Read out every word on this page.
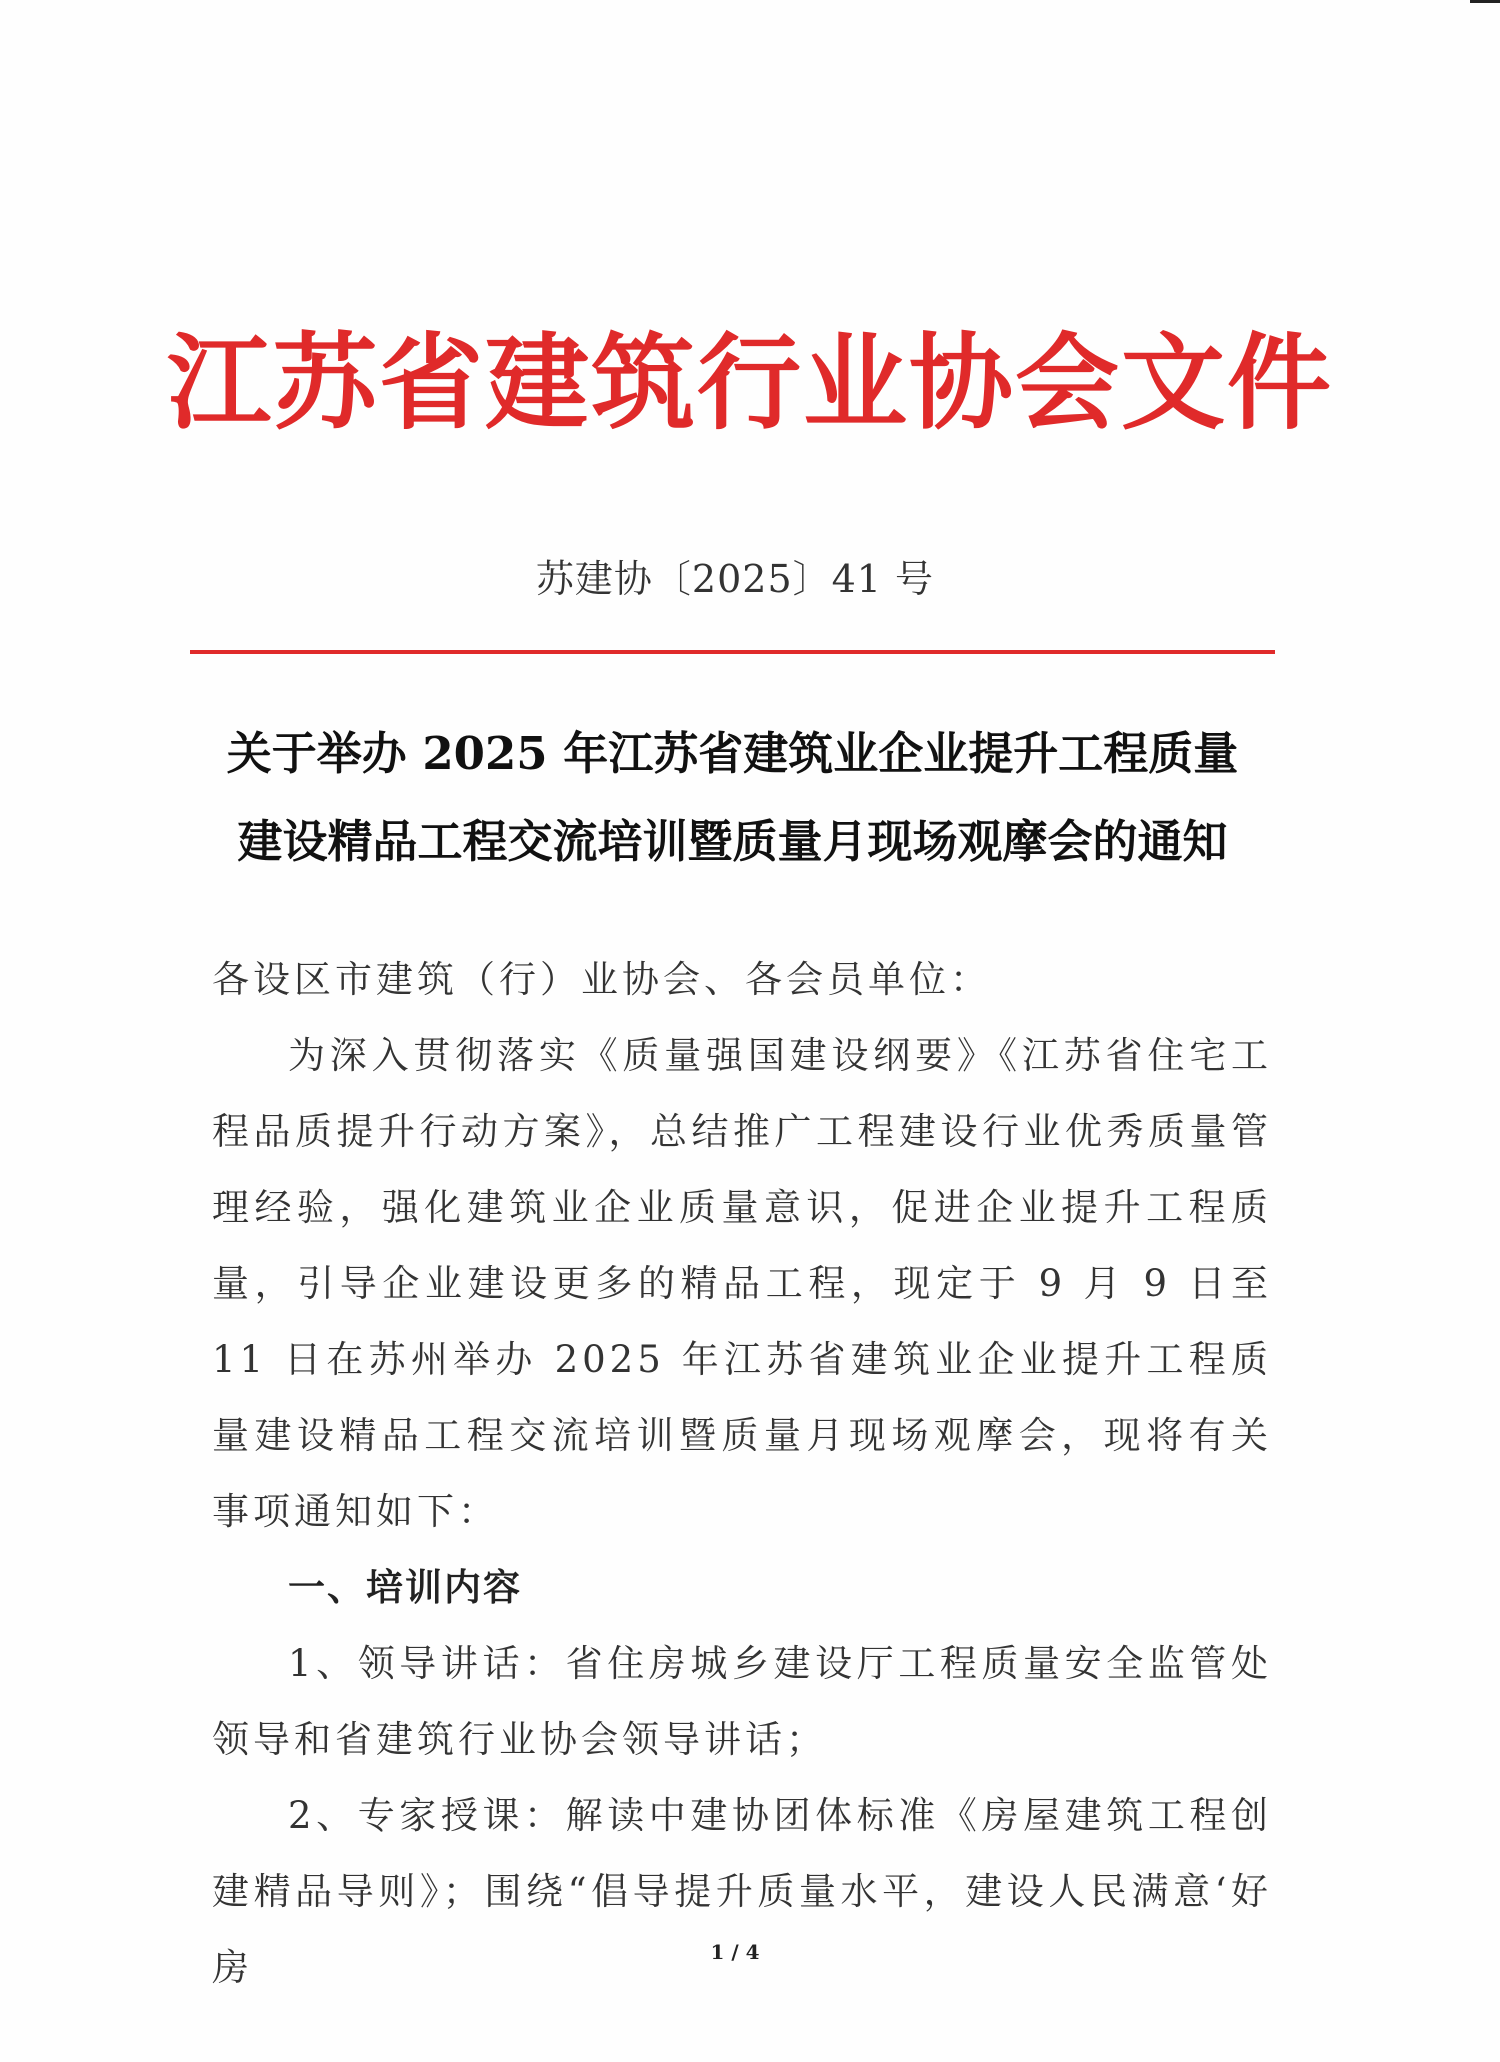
江苏省建筑行业协会文件
苏建协〔2025〕41 号
关于举办 2025 年江苏省建筑业企业提升工程质量
建设精品工程交流培训暨质量月现场观摩会的通知

各设区市建筑（行）业协会、各会员单位：

为深入贯彻落实《质量强国建设纲要》《江苏省住宅工程品质提升行动方案》，总结推广工程建设行业优秀质量管理经验，强化建筑业企业质量意识，促进企业提升工程质量，引导企业建设更多的精品工程，现定于 9 月 9 日至 11 日在苏州举办 2025 年江苏省建筑业企业提升工程质量建设精品工程交流培训暨质量月现场观摩会，现将有关事项通知如下：

一、培训内容

1、领导讲话：省住房城乡建设厅工程质量安全监管处领导和省建筑行业协会领导讲话；

2、专家授课：解读中建协团体标准《房屋建筑工程创建精品导则》；围绕“倡导提升质量水平，建设人民满意‘好房	1 / 4
